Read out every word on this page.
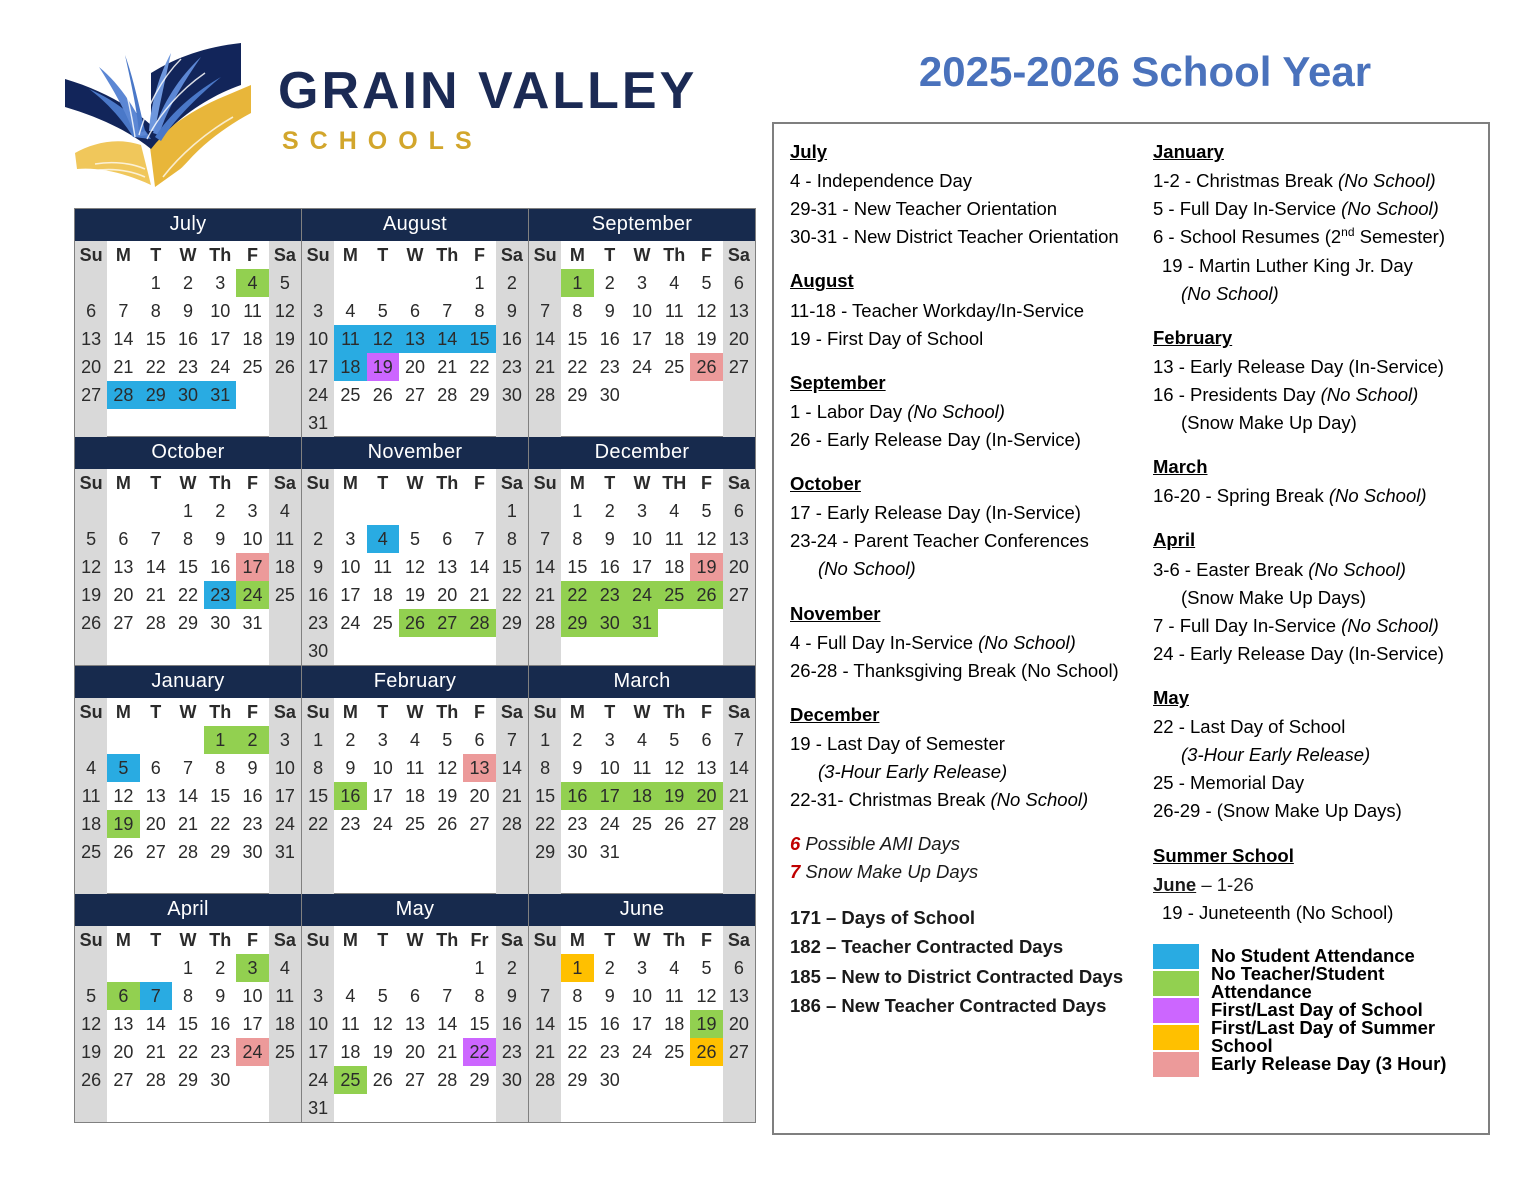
GRAIN VALLEY
SCHOOLS
2025-2026 School Year
July
Su	M	T	W	Th	F	Sa
		1	2	3	4	5
6	7	8	9	10	11	12
13	14	15	16	17	18	19
20	21	22	23	24	25	26
27	28	29	30	31		

August
Su	M	T	W	Th	F	Sa
					1	2
3	4	5	6	7	8	9
10	11	12	13	14	15	16
17	18	19	20	21	22	23
24	25	26	27	28	29	30
31						
September
Su	M	T	W	Th	F	Sa
	1	2	3	4	5	6
7	8	9	10	11	12	13
14	15	16	17	18	19	20
21	22	23	24	25	26	27
28	29	30				

October
Su	M	T	W	Th	F	Sa
			1	2	3	4
5	6	7	8	9	10	11
12	13	14	15	16	17	18
19	20	21	22	23	24	25
26	27	28	29	30	31	

November
Su	M	T	W	Th	F	Sa
						1
2	3	4	5	6	7	8
9	10	11	12	13	14	15
16	17	18	19	20	21	22
23	24	25	26	27	28	29
30						
December
Su	M	T	W	TH	F	Sa
	1	2	3	4	5	6
7	8	9	10	11	12	13
14	15	16	17	18	19	20
21	22	23	24	25	26	27
28	29	30	31			

January
Su	M	T	W	Th	F	Sa
				1	2	3
4	5	6	7	8	9	10
11	12	13	14	15	16	17
18	19	20	21	22	23	24
25	26	27	28	29	30	31

February
Su	M	T	W	Th	F	Sa
1	2	3	4	5	6	7
8	9	10	11	12	13	14
15	16	17	18	19	20	21
22	23	24	25	26	27	28

March
Su	M	T	W	Th	F	Sa
1	2	3	4	5	6	7
8	9	10	11	12	13	14
15	16	17	18	19	20	21
22	23	24	25	26	27	28
29	30	31				

April
Su	M	T	W	Th	F	Sa
			1	2	3	4
5	6	7	8	9	10	11
12	13	14	15	16	17	18
19	20	21	22	23	24	25
26	27	28	29	30		

May
Su	M	T	W	Th	Fr	Sa
					1	2
3	4	5	6	7	8	9
10	11	12	13	14	15	16
17	18	19	20	21	22	23
24	25	26	27	28	29	30
31						
June
Su	M	T	W	Th	F	Sa
	1	2	3	4	5	6
7	8	9	10	11	12	13
14	15	16	17	18	19	20
21	22	23	24	25	26	27
28	29	30				

July
4 - Independence Day
29-31 - New Teacher Orientation
30-31 - New District Teacher Orientation
August
11-18 - Teacher Workday/In-Service
19 - First Day of School
September
1 - Labor Day (No School)
26 - Early Release Day (In-Service)
October
17 - Early Release Day (In-Service)
23-24 - Parent Teacher Conferences
(No School)
November
4 - Full Day In-Service (No School)
26-28 - Thanksgiving Break (No School)
December
19 - Last Day of Semester
(3-Hour Early Release)
22-31- Christmas Break (No School)
6 Possible AMI Days
7 Snow Make Up Days
171 – Days of School
182 – Teacher Contracted Days
185 – New to District Contracted Days
186 – New Teacher Contracted Days
January
1-2 - Christmas Break (No School)
5 - Full Day In-Service (No School)
6 - School Resumes (2nd Semester)
19 - Martin Luther King Jr. Day
(No School)
February
13 - Early Release Day (In-Service)
16 - Presidents Day (No School)
(Snow Make Up Day)
March
16-20 - Spring Break (No School)
April
3-6 - Easter Break (No School)
(Snow Make Up Days)
7 - Full Day In-Service (No School)
24 - Early Release Day (In-Service)
May
22 - Last Day of School
(3-Hour Early Release)
25 - Memorial Day
26-29 - (Snow Make Up Days)
Summer School
June – 1-26
19 - Juneteenth (No School)
No Student Attendance
No Teacher/Student Attendance
First/Last Day of School
First/Last Day of Summer School
Early Release Day (3 Hour)
